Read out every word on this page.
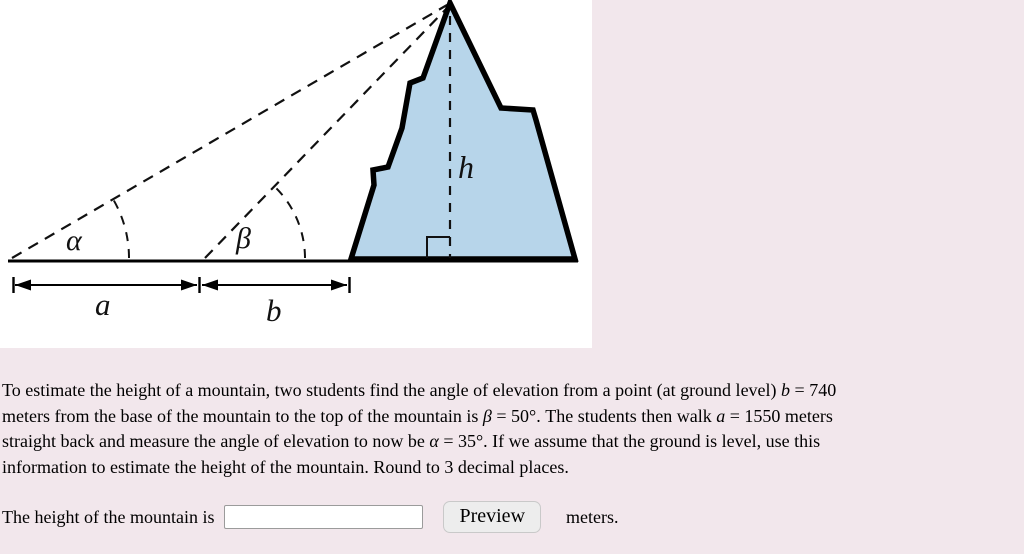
α	β
h
a	b
To estimate the height of a mountain, two students find the angle of elevation from a point (at ground level) b = 740
meters from the base of the mountain to the top of the mountain is β = 50°. The students then walk a = 1550 meters
straight back and measure the angle of elevation to now be α = 35°. If we assume that the ground is level, use this
information to estimate the height of the mountain. Round to 3 decimal places.
The height of the mountain is	Preview	meters.
